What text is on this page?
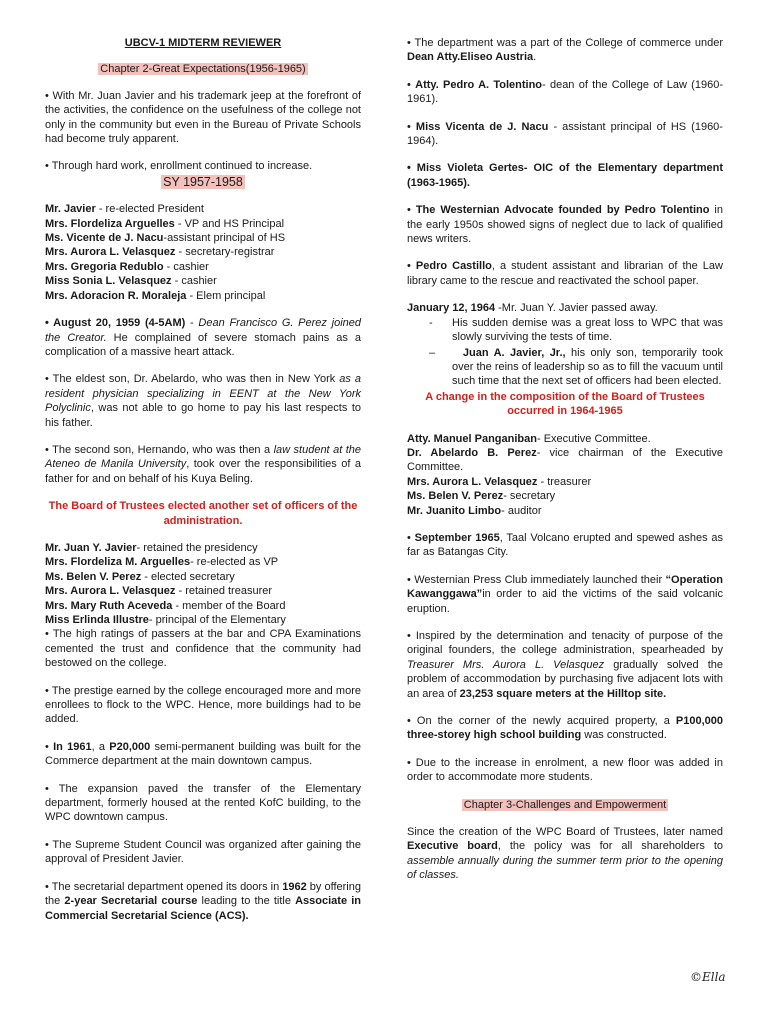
UBCV-1 MIDTERM REVIEWER

Chapter 2-Great Expectations(1956-1965)

• With Mr. Juan Javier and his trademark jeep at the forefront of the activities, the confidence on the usefulness of the college not only in the community but even in the Bureau of Private Schools had become truly apparent.

• Through hard work, enrollment continued to increase.

SY 1957-1958

Mr. Javier - re-elected President

Mrs. Flordeliza Arguelles - VP and HS Principal

Ms. Vicente de J. Nacu-assistant principal of HS

Mrs. Aurora L. Velasquez - secretary-registrar

Mrs. Gregoria Redublo - cashier

Miss Sonia L. Velasquez - cashier

Mrs. Adoracion R. Moraleja - Elem principal

• August 20, 1959 (4-5AM) - Dean Francisco G. Perez joined the Creator. He complained of severe stomach pains as a complication of a massive heart attack.

• The eldest son, Dr. Abelardo, who was then in New York as a resident physician specializing in EENT at the New York Polyclinic, was not able to go home to pay his last respects to his father.

• The second son, Hernando, who was then a law student at the Ateneo de Manila University, took over the responsibilities of a father for and on behalf of his Kuya Beling.

The Board of Trustees elected another set of officers of the administration.

Mr. Juan Y. Javier- retained the presidency

Mrs. Flordeliza M. Arguelles- re-elected as VP

Ms. Belen V. Perez - elected secretary

Mrs. Aurora L. Velasquez - retained treasurer

Mrs. Mary Ruth Aceveda - member of the Board

Miss Erlinda Illustre- principal of the Elementary

• The high ratings of passers at the bar and CPA Examinations cemented the trust and confidence that the community had bestowed on the college.

• The prestige earned by the college encouraged more and more enrollees to flock to the WPC. Hence, more buildings had to be added.

• In 1961, a P20,000 semi-permanent building was built for the Commerce department at the main downtown campus.

• The expansion paved the transfer of the Elementary department, formerly housed at the rented KofC building, to the WPC downtown campus.

• The Supreme Student Council was organized after gaining the approval of President Javier.

• The secretarial department opened its doors in 1962 by offering the 2-year Secretarial course leading to the title Associate in Commercial Secretarial Science (ACS).

• The department was a part of the College of commerce under Dean Atty.Eliseo Austria.

• Atty. Pedro A. Tolentino- dean of the College of Law (1960-1961).

• Miss Vicenta de J. Nacu - assistant principal of HS (1960-1964).

• Miss Violeta Gertes- OIC of the Elementary department (1963-1965).

• The Westernian Advocate founded by Pedro Tolentino in the early 1950s showed signs of neglect due to lack of qualified news writers.

• Pedro Castillo, a student assistant and librarian of the Law library came to the rescue and reactivated the school paper.

January 12, 1964 -Mr. Juan Y. Javier passed away.

-	His sudden demise was a great loss to WPC that was slowly surviving the tests of time.

–	Juan A. Javier, Jr., his only son, temporarily took over the reins of leadership so as to fill the vacuum until such time that the next set of officers had been elected.

A change in the composition of the Board of Trustees occurred in 1964-1965

Atty. Manuel Panganiban- Executive Committee.

Dr. Abelardo B. Perez- vice chairman of the Executive Committee.

Mrs. Aurora L. Velasquez - treasurer

Ms. Belen V. Perez- secretary

Mr. Juanito Limbo- auditor

• September 1965, Taal Volcano erupted and spewed ashes as far as Batangas City.

• Westernian Press Club immediately launched their “Operation Kawanggawa”in order to aid the victims of the said volcanic eruption.

• Inspired by the determination and tenacity of purpose of the original founders, the college administration, spearheaded by Treasurer Mrs. Aurora L. Velasquez gradually solved the problem of accommodation by purchasing five adjacent lots with an area of 23,253 square meters at the Hilltop site.

• On the corner of the newly acquired property, a P100,000 three-storey high school building was constructed.

• Due to the increase in enrolment, a new floor was added in order to accommodate more students.

Chapter 3-Challenges and Empowerment

Since the creation of the WPC Board of Trustees, later named Executive board, the policy was for all shareholders to assemble annually during the summer term prior to the opening of classes.

©Ella
